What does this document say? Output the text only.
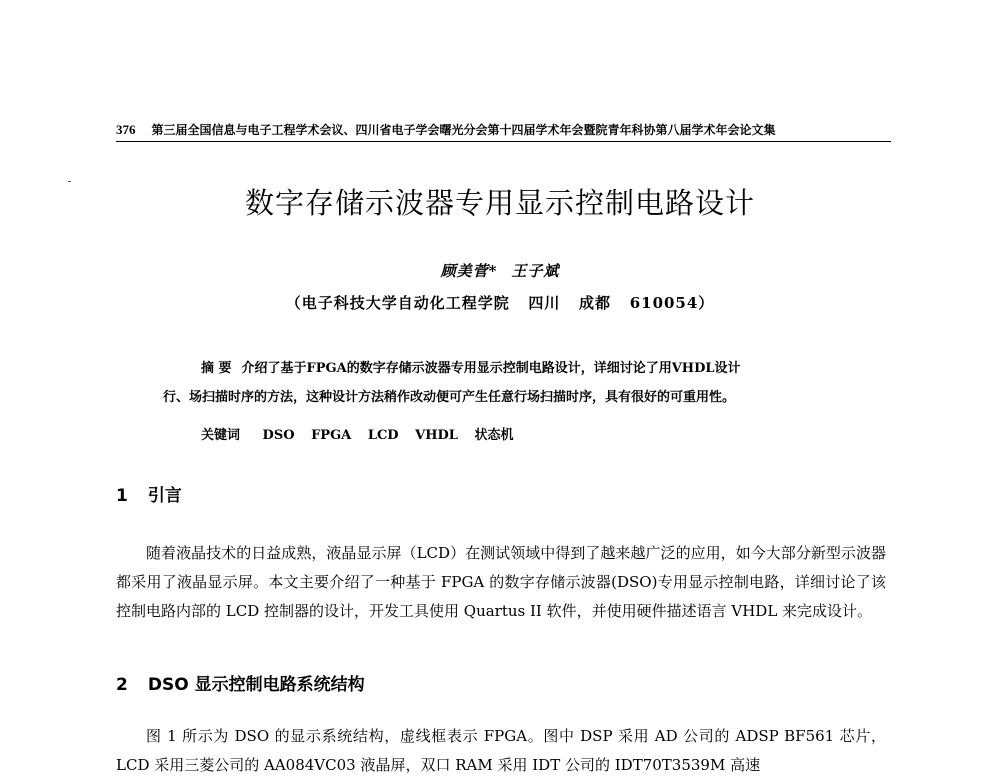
376 第三届全国信息与电子工程学术会议、四川省电子学会曙光分会第十四届学术年会暨院青年科协第八届学术年会论文集
数字存储示波器专用显示控制电路设计
顾美菅* 王子斌
（电子科技大学自动化工程学院   四川   成都   610054）
摘 要 介绍了基于FPGA的数字存储示波器专用显示控制电路设计，详细讨论了用VHDL设计
行、场扫描时序的方法，这种设计方法稍作改动便可产生任意行场扫描时序，具有很好的可重用性。
关键词 DSO FPGA LCD VHDL 状态机
1 引言

随着液晶技术的日益成熟，液晶显示屏（LCD）在测试领域中得到了越来越广泛的应用，如今大部分新型示波器都采用了液晶显示屏。本文主要介绍了一种基于 FPGA 的数字存储示波器(DSO)专用显示控制电路，详细讨论了该控制电路内部的 LCD 控制器的设计，开发工具使用 Quartus II 软件，并使用硬件描述语言 VHDL 来完成设计。

2 DSO 显示控制电路系统结构

图 1 所示为 DSO 的显示系统结构，虚线框表示 FPGA。图中 DSP 采用 AD 公司的 ADSP BF561 芯片，LCD 采用三菱公司的 AA084VC03 液晶屏，双口 RAM 采用 IDT 公司的 IDT70T3539M 高速
